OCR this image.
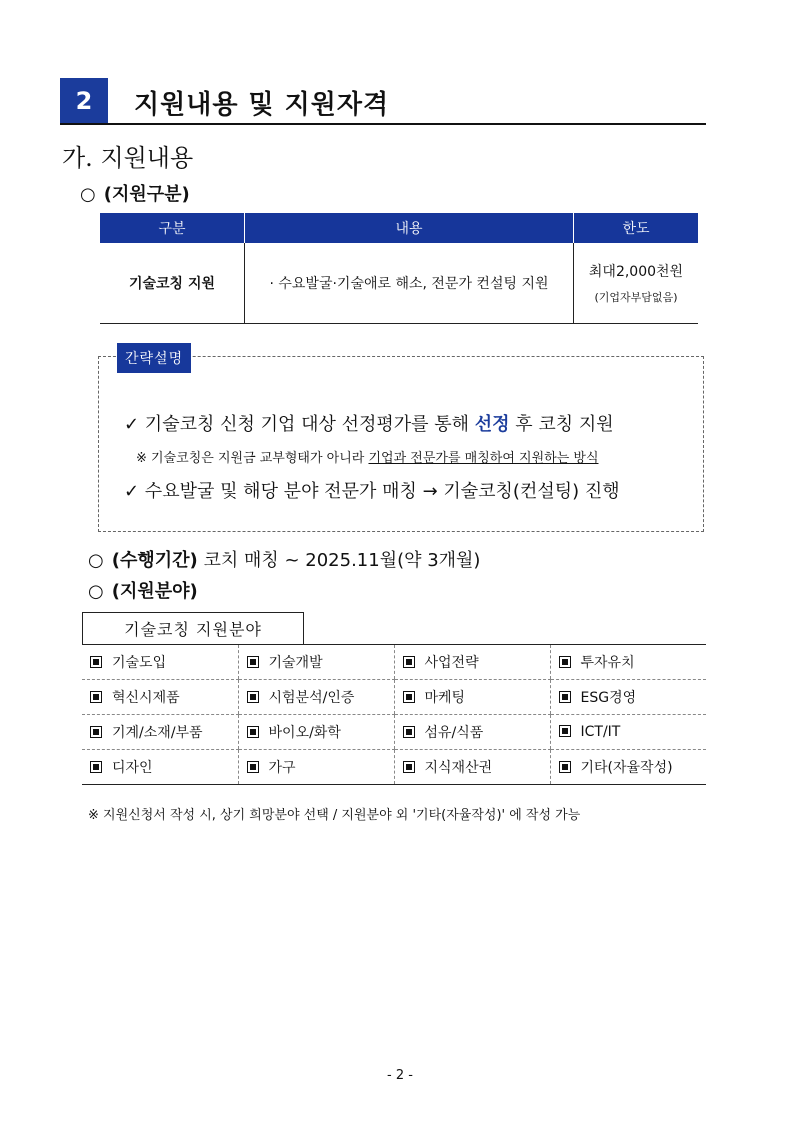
2	지원내용 및 지원자격
가. 지원내용
○ (지원구분)
구분	내용	한도
기술코칭 지원	· 수요발굴·기술애로 해소, 전문가 컨설팅 지원	최대2,000천원
(기업자부담없음)
간략설명
✓ 기술코칭 신청 기업 대상 선정평가를 통해 선정 후 코칭 지원
※ 기술코칭은 지원금 교부형태가 아니라 기업과 전문가를 매칭하여 지원하는 방식
✓ 수요발굴 및 해당 분야 전문가 매칭 → 기술코칭(컨설팅) 진행
○ (수행기간) 코치 매칭 ~ 2025.11월(약 3개월)
○ (지원분야)
기술코칭 지원분야
기술도입	기술개발	사업전략	투자유치
혁신시제품	시험분석/인증	마케팅	ESG경영
기계/소재/부품	바이오/화학	섬유/식품	ICT/IT
디자인	가구	지식재산권	기타(자율작성)
※ 지원신청서 작성 시, 상기 희망분야 선택 / 지원분야 외 '기타(자율작성)' 에 작성 가능
- 2 -
